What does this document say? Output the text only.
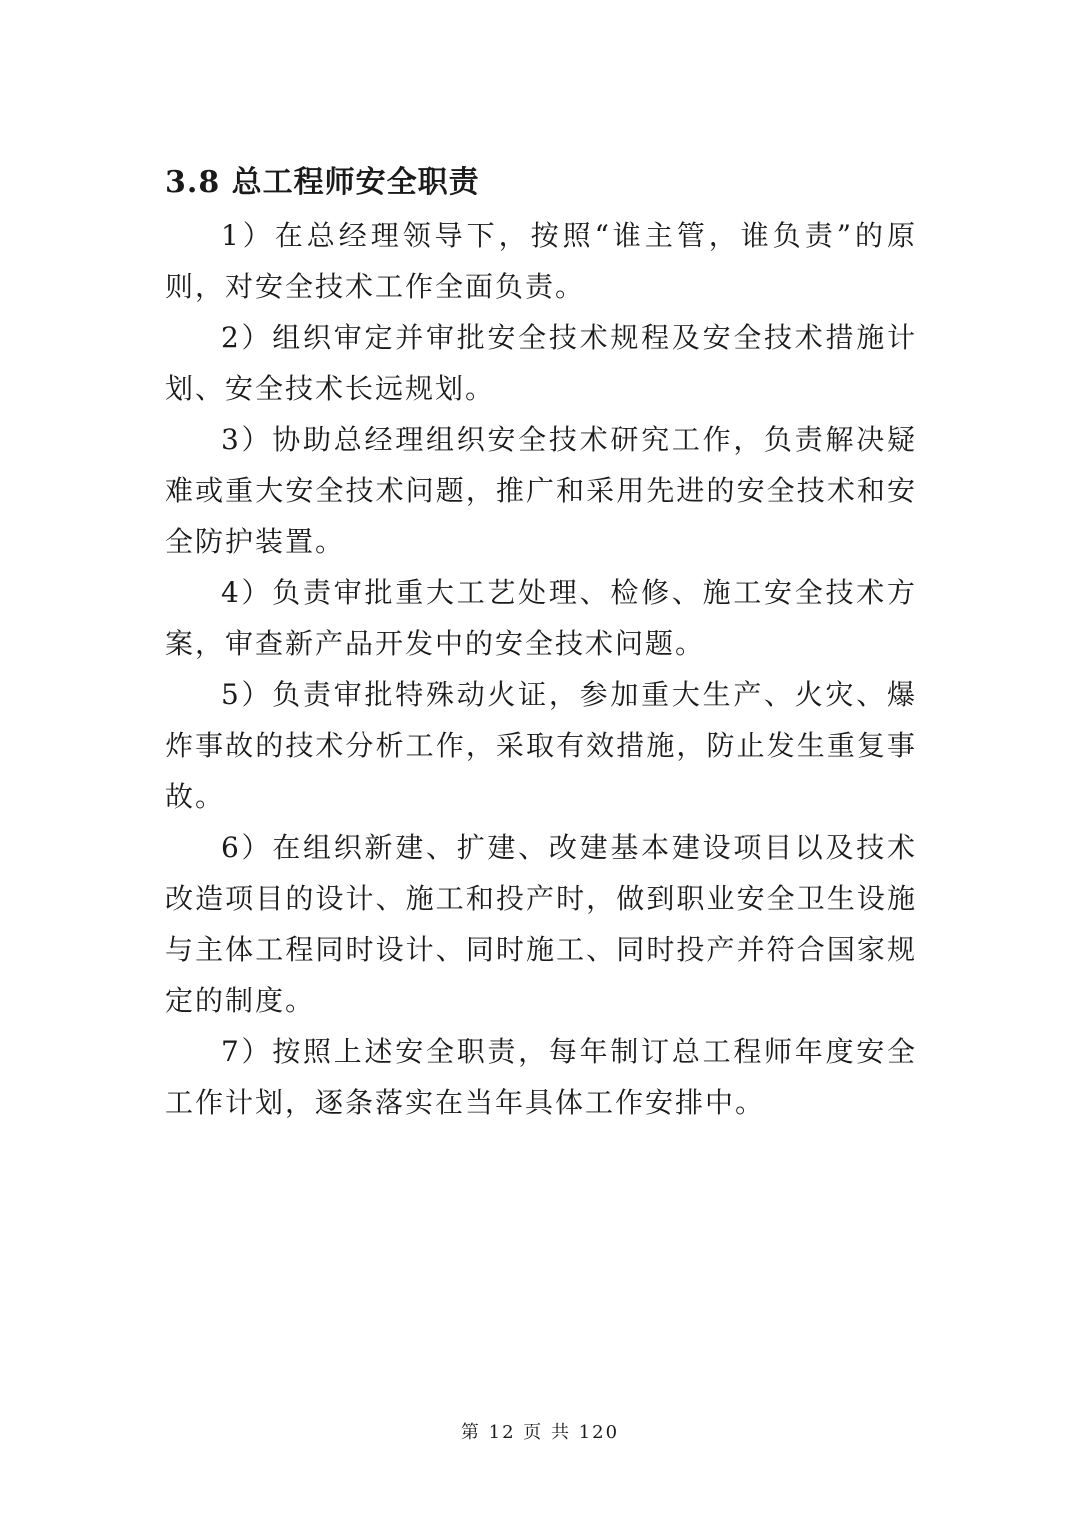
3.8 总工程师安全职责

1）在总经理领导下，按照“谁主管，谁负责”的原则，对安全技术工作全面负责。

2）组织审定并审批安全技术规程及安全技术措施计划、安全技术长远规划。

3）协助总经理组织安全技术研究工作，负责解决疑难或重大安全技术问题，推广和采用先进的安全技术和安全防护装置。

4）负责审批重大工艺处理、检修、施工安全技术方案，审查新产品开发中的安全技术问题。

5）负责审批特殊动火证，参加重大生产、火灾、爆炸事故的技术分析工作，采取有效措施，防止发生重复事故。

6）在组织新建、扩建、改建基本建设项目以及技术改造项目的设计、施工和投产时，做到职业安全卫生设施与主体工程同时设计、同时施工、同时投产并符合国家规定的制度。

7）按照上述安全职责，每年制订总工程师年度安全工作计划，逐条落实在当年具体工作安排中。

第 12 页 共 120
